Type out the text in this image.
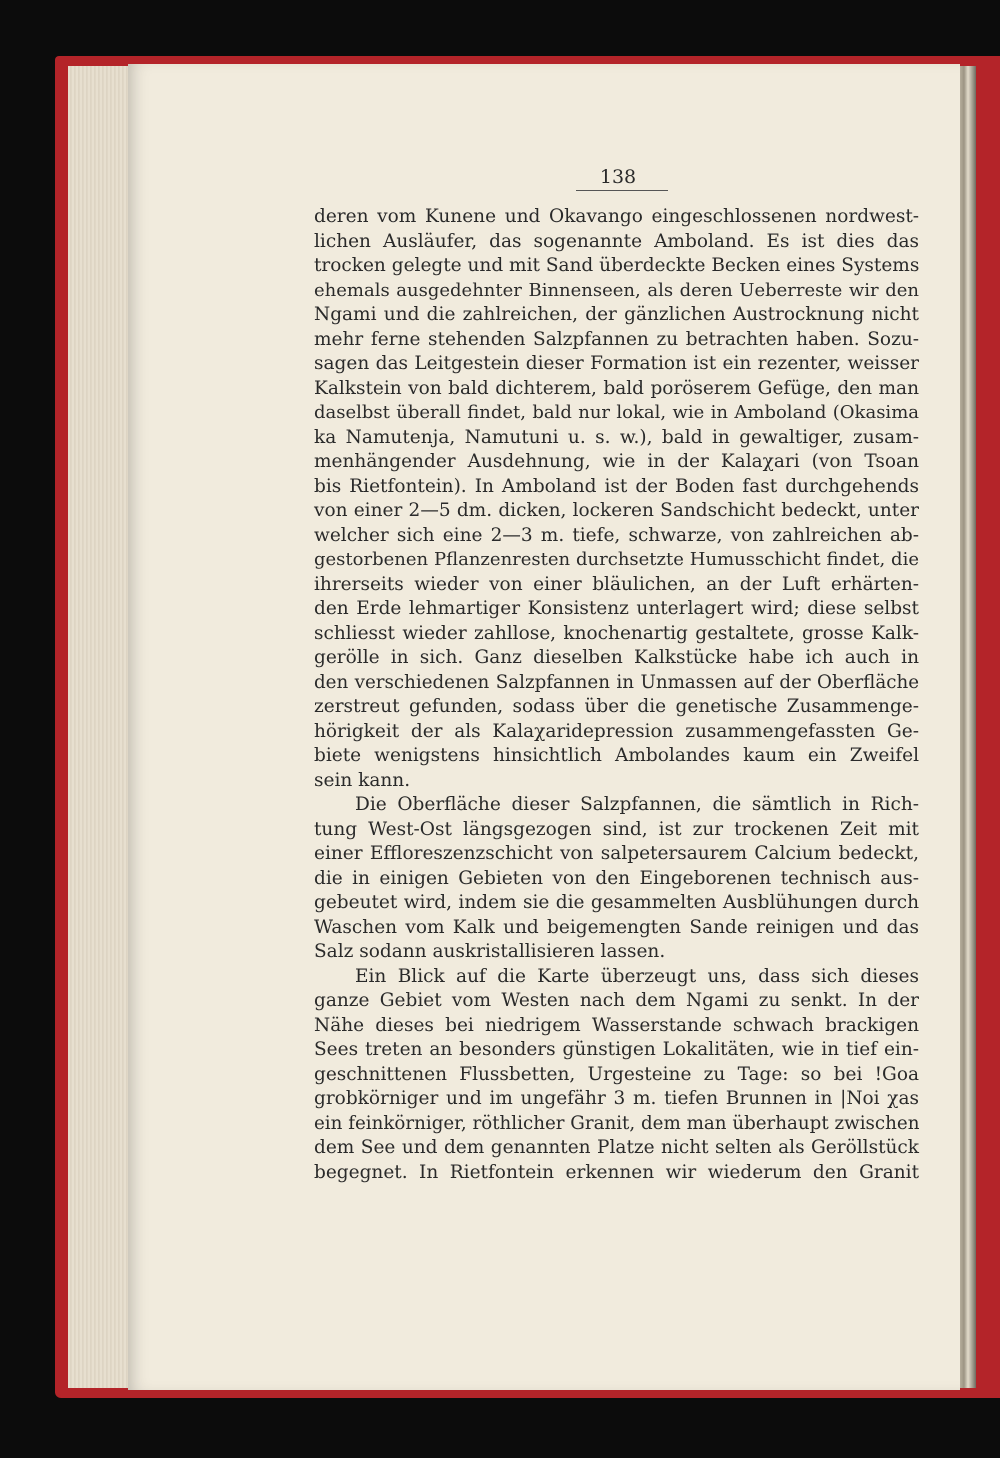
138
deren vom Kunene und Okavango eingeschlossenen nordwest-
lichen Ausläufer, das sogenannte Amboland. Es ist dies das
trocken gelegte und mit Sand überdeckte Becken eines Systems
ehemals ausgedehnter Binnenseen, als deren Ueberreste wir den
Ngami und die zahlreichen, der gänzlichen Austrocknung nicht
mehr ferne stehenden Salzpfannen zu betrachten haben. Sozu-
sagen das Leitgestein dieser Formation ist ein rezenter, weisser
Kalkstein von bald dichterem, bald poröserem Gefüge, den man
daselbst überall findet, bald nur lokal, wie in Amboland (Okasima
ka Namutenja, Namutuni u. s. w.), bald in gewaltiger, zusam-
menhängender Ausdehnung, wie in der Kalaχari (von Tsoan
bis Rietfontein). In Amboland ist der Boden fast durchgehends
von einer 2—5 dm. dicken, lockeren Sandschicht bedeckt, unter
welcher sich eine 2—3 m. tiefe, schwarze, von zahlreichen ab-
gestorbenen Pflanzenresten durchsetzte Humusschicht findet, die
ihrerseits wieder von einer bläulichen, an der Luft erhärten-
den Erde lehmartiger Konsistenz unterlagert wird; diese selbst
schliesst wieder zahllose, knochenartig gestaltete, grosse Kalk-
gerölle in sich. Ganz dieselben Kalkstücke habe ich auch in
den verschiedenen Salzpfannen in Unmassen auf der Oberfläche
zerstreut gefunden, sodass über die genetische Zusammenge-
hörigkeit der als Kalaχaridepression zusammengefassten Ge-
biete wenigstens hinsichtlich Ambolandes kaum ein Zweifel
sein kann.
Die Oberfläche dieser Salzpfannen, die sämtlich in Rich-
tung West-Ost längsgezogen sind, ist zur trockenen Zeit mit
einer Effloreszenzschicht von salpetersaurem Calcium bedeckt,
die in einigen Gebieten von den Eingeborenen technisch aus-
gebeutet wird, indem sie die gesammelten Ausblühungen durch
Waschen vom Kalk und beigemengten Sande reinigen und das
Salz sodann auskristallisieren lassen.
Ein Blick auf die Karte überzeugt uns, dass sich dieses
ganze Gebiet vom Westen nach dem Ngami zu senkt. In der
Nähe dieses bei niedrigem Wasserstande schwach brackigen
Sees treten an besonders günstigen Lokalitäten, wie in tief ein-
geschnittenen Flussbetten, Urgesteine zu Tage: so bei !Goa
grobkörniger und im ungefähr 3 m. tiefen Brunnen in |Noi χas
ein feinkörniger, röthlicher Granit, dem man überhaupt zwischen
dem See und dem genannten Platze nicht selten als Geröllstück
begegnet. In Rietfontein erkennen wir wiederum den Granit
